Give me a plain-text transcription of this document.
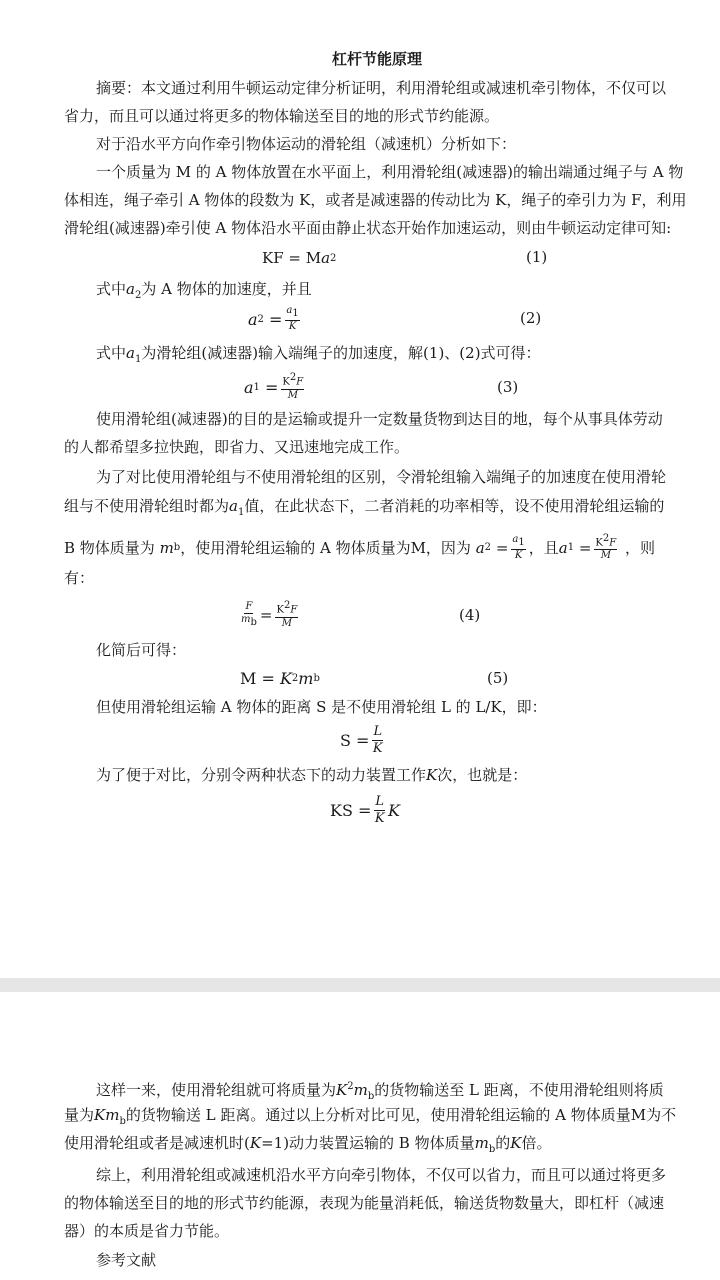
杠杆节能原理
摘要：本文通过利用牛顿运动定律分析证明，利用滑轮组或减速机牵引物体，不仅可以
省力，而且可以通过将更多的物体输送至目的地的形式节约能源。
对于沿水平方向作牵引物体运动的滑轮组（减速机）分析如下：
一个质量为 M 的 A 物体放置在水平面上，利用滑轮组(减速器)的输出端通过绳子与 A 物
体相连，绳子牵引 A 物体的段数为 K，或者是减速器的传动比为 K，绳子的牵引力为 F，利用
滑轮组(减速器)牵引使 A 物体沿水平面由静止状态开始作加速运动，则由牛顿运动定律可知:
KF = M a 2	(1)
式中$a_2$为 A 物体的加速度，并且
a $2 = \frac{a_1}{K}$	(2)
式中$a_1$为滑轮组(减速器)输入端绳子的加速度，解(1)、(2)式可得：
a $1 = \frac{K^2F}{M}$	(3)
使用滑轮组(减速器)的目的是运输或提升一定数量货物到达目的地，每个从事具体劳动
的人都希望多拉快跑，即省力、又迅速地完成工作。
为了对比使用滑轮组与不使用滑轮组的区别，令滑轮组输入端绳子的加速度在使用滑轮
组与不使用滑轮组时都为$a_1$值，在此状态下，二者消耗的功率相等，设不使用滑轮组运输的
B 物体质量为 m b ，使用滑轮组运输的 A 物体质量为M，因为
a $2 = \frac{a_1}{K}$ ，且 a $1 = \frac{K^2F}{M}$
，则
有：
$\frac{F}{m_b} = \frac{K^2F}{M}$	(4)
化简后可得：
M = K 2 m b	(5)
但使用滑轮组运输 A 物体的距离 S 是不使用滑轮组 L 的 L/K，即：
$S = \frac{L}{K}$
为了便于对比，分别令两种状态下的动力装置工作K次，也就是：
KS = $\frac{L}{K}$ K
这样一来，使用滑轮组就可将质量为$K^2m_b$的货物输送至 L 距离，不使用滑轮组则将质
量为$Km_b$的货物输送 L 距离。通过以上分析对比可见，使用滑轮组运输的 A 物体质量M为不
使用滑轮组或者是减速机时(K=1)动力装置运输的 B 物体质量$m_b$的K倍。
综上，利用滑轮组或减速机沿水平方向牵引物体，不仅可以省力，而且可以通过将更多
的物体输送至目的地的形式节约能源，表现为能量消耗低，输送货物数量大，即杠杆（减速
器）的本质是省力节能。
参考文献
